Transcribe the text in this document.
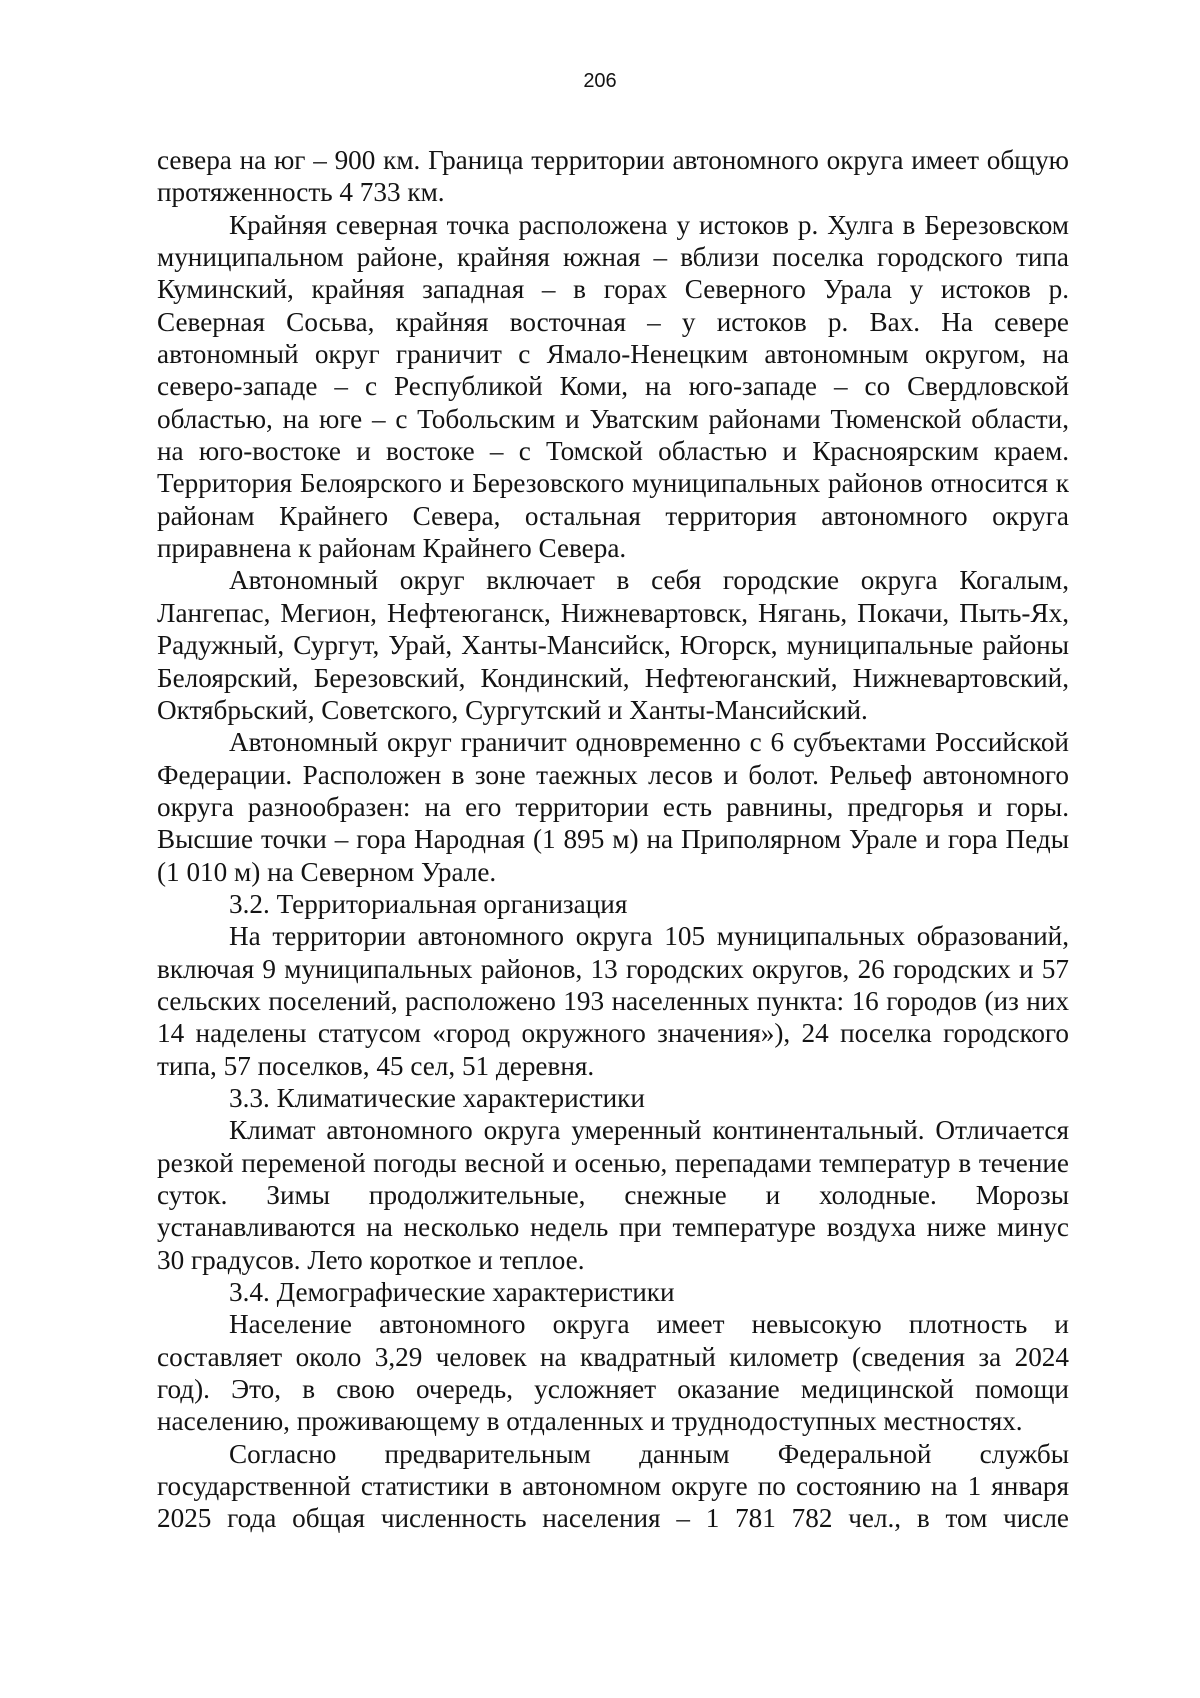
206

севера на юг – 900 км. Граница территории автономного округа имеет общую протяженность 4 733 км.

Крайняя северная точка расположена у истоков р. Хулга в Березовском муниципальном районе, крайняя южная – вблизи поселка городского типа Куминский, крайняя западная – в горах Северного Урала у истоков р. Северная Сосьва, крайняя восточная – у истоков р. Вах. На севере автономный округ граничит с Ямало-Ненецким автономным округом, на северо-западе – с Республикой Коми, на юго-западе – со Свердловской областью, на юге – с Тобольским и Уватским районами Тюменской области, на юго-востоке и востоке – с Томской областью и Красноярским краем. Территория Белоярского и Березовского муниципальных районов относится к районам Крайнего Севера, остальная территория автономного округа приравнена к районам Крайнего Севера.

Автономный округ включает в себя городские округа Когалым, Лангепас, Мегион, Нефтеюганск, Нижневартовск, Нягань, Покачи, Пыть-Ях, Радужный, Сургут, Урай, Ханты-Мансийск, Югорск, муниципальные районы Белоярский, Березовский, Кондинский, Нефтеюганский, Нижневартовский, Октябрьский, Советского, Сургутский и Ханты-Мансийский.

Автономный округ граничит одновременно с 6 субъектами Российской Федерации. Расположен в зоне таежных лесов и болот. Рельеф автономного округа разнообразен: на его территории есть равнины, предгорья и горы. Высшие точки – гора Народная (1 895 м) на Приполярном Урале и гора Педы (1 010 м) на Северном Урале.

3.2. Территориальная организация

На территории автономного округа 105 муниципальных образований, включая 9 муниципальных районов, 13 городских округов, 26 городских и 57 сельских поселений, расположено 193 населенных пункта: 16 городов (из них 14 наделены статусом «город окружного значения»), 24 поселка городского типа, 57 поселков, 45 сел, 51 деревня.

3.3. Климатические характеристики

Климат автономного округа умеренный континентальный. Отличается резкой переменой погоды весной и осенью, перепадами температур в течение суток. Зимы продолжительные, снежные и холодные. Морозы устанавливаются на несколько недель при температуре воздуха ниже минус 30 градусов. Лето короткое и теплое.

3.4. Демографические характеристики

Население автономного округа имеет невысокую плотность и составляет около 3,29 человек на квадратный километр (сведения за 2024 год). Это, в свою очередь, усложняет оказание медицинской помощи населению, проживающему в отдаленных и труднодоступных местностях.

Согласно предварительным данным Федеральной службы государственной статистики в автономном округе по состоянию на 1 января 2025 года общая численность населения – 1 781 782 чел., в том числе
